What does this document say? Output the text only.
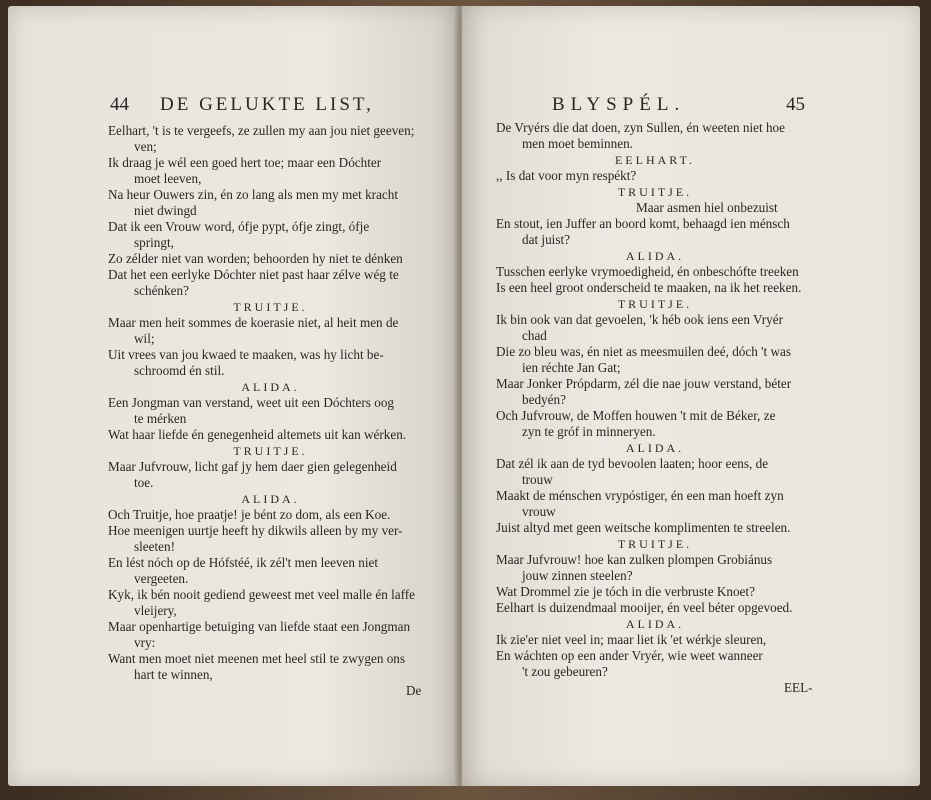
44 DE GELUKTE LIST,
Eelhart, 't is te vergeefs, ze zullen my aan jou niet geeven;
ven;
Ik draag je wél een goed hert toe; maar een Dóchter
moet leeven,
Na heur Ouwers zin, én zo lang als men my met kracht
niet dwingd
Dat ik een Vrouw word, ófje pypt, ófje zingt, ófje
springt,
Zo zélder niet van worden; behoorden hy niet te dénken
Dat het een eerlyke Dóchter niet past haar zélve wég te
schénken?
TRUITJE.
Maar men heit sommes de koerasie niet, al heit men de
wil;
Uit vrees van jou kwaed te maaken, was hy licht be-
schroomd én stil.
ALIDA.
Een Jongman van verstand, weet uit een Dóchters oog
te mérken
Wat haar liefde én genegenheid altemets uit kan wérken.
TRUITJE.
Maar Jufvrouw, licht gaf jy hem daer gien gelegenheid
toe.
ALIDA.
Och Truitje, hoe praatje! je bént zo dom, als een Koe.
Hoe meenigen uurtje heeft hy dikwils alleen by my ver-
sleeten!
En lést nóch op de Hófstéé, ik zél't men leeven niet
vergeeten.
Kyk, ik bén nooit gediend geweest met veel malle én laffe
vleijery,
Maar openhartige betuiging van liefde staat een Jongman
vry:
Want men moet niet meenen met heel stil te zwygen ons
hart te winnen,
De
BLYSPÉL.	45
De Vryérs die dat doen, zyn Sullen, én weeten niet hoe
men moet beminnen.
EELHART.
,, Is dat voor myn respékt?
TRUITJE.
Maar asmen hiel onbezuist
En stout, ien Juffer an boord komt, behaagd ien ménsch
dat juist?
ALIDA.
Tusschen eerlyke vrymoedigheid, én onbeschófte treeken
Is een heel groot onderscheid te maaken, na ik het reeken.
TRUITJE.
Ik bin ook van dat gevoelen, 'k héb ook iens een Vryér
chad
Die zo bleu was, én niet as meesmuilen deé, dóch 't was
ien réchte Jan Gat;
Maar Jonker Própdarm, zél die nae jouw verstand, béter
bedyén?
Och Jufvrouw, de Moffen houwen 't mit de Béker, ze
zyn te gróf in minneryen.
ALIDA.
Dat zél ik aan de tyd bevoolen laaten; hoor eens, de
trouw
Maakt de ménschen vrypóstiger, én een man hoeft zyn
vrouw
Juist altyd met geen weitsche komplimenten te streelen.
TRUITJE.
Maar Jufvrouw! hoe kan zulken plompen Grobiánus
jouw zinnen steelen?
Wat Drommel zie je tóch in die verbruste Knoet?
Eelhart is duizendmaal mooijer, én veel béter opgevoed.
ALIDA.
Ik zie'er niet veel in; maar liet ik 'et wérkje sleuren,
En wáchten op een ander Vryér, wie weet wanneer
't zou gebeuren?
EEL-
